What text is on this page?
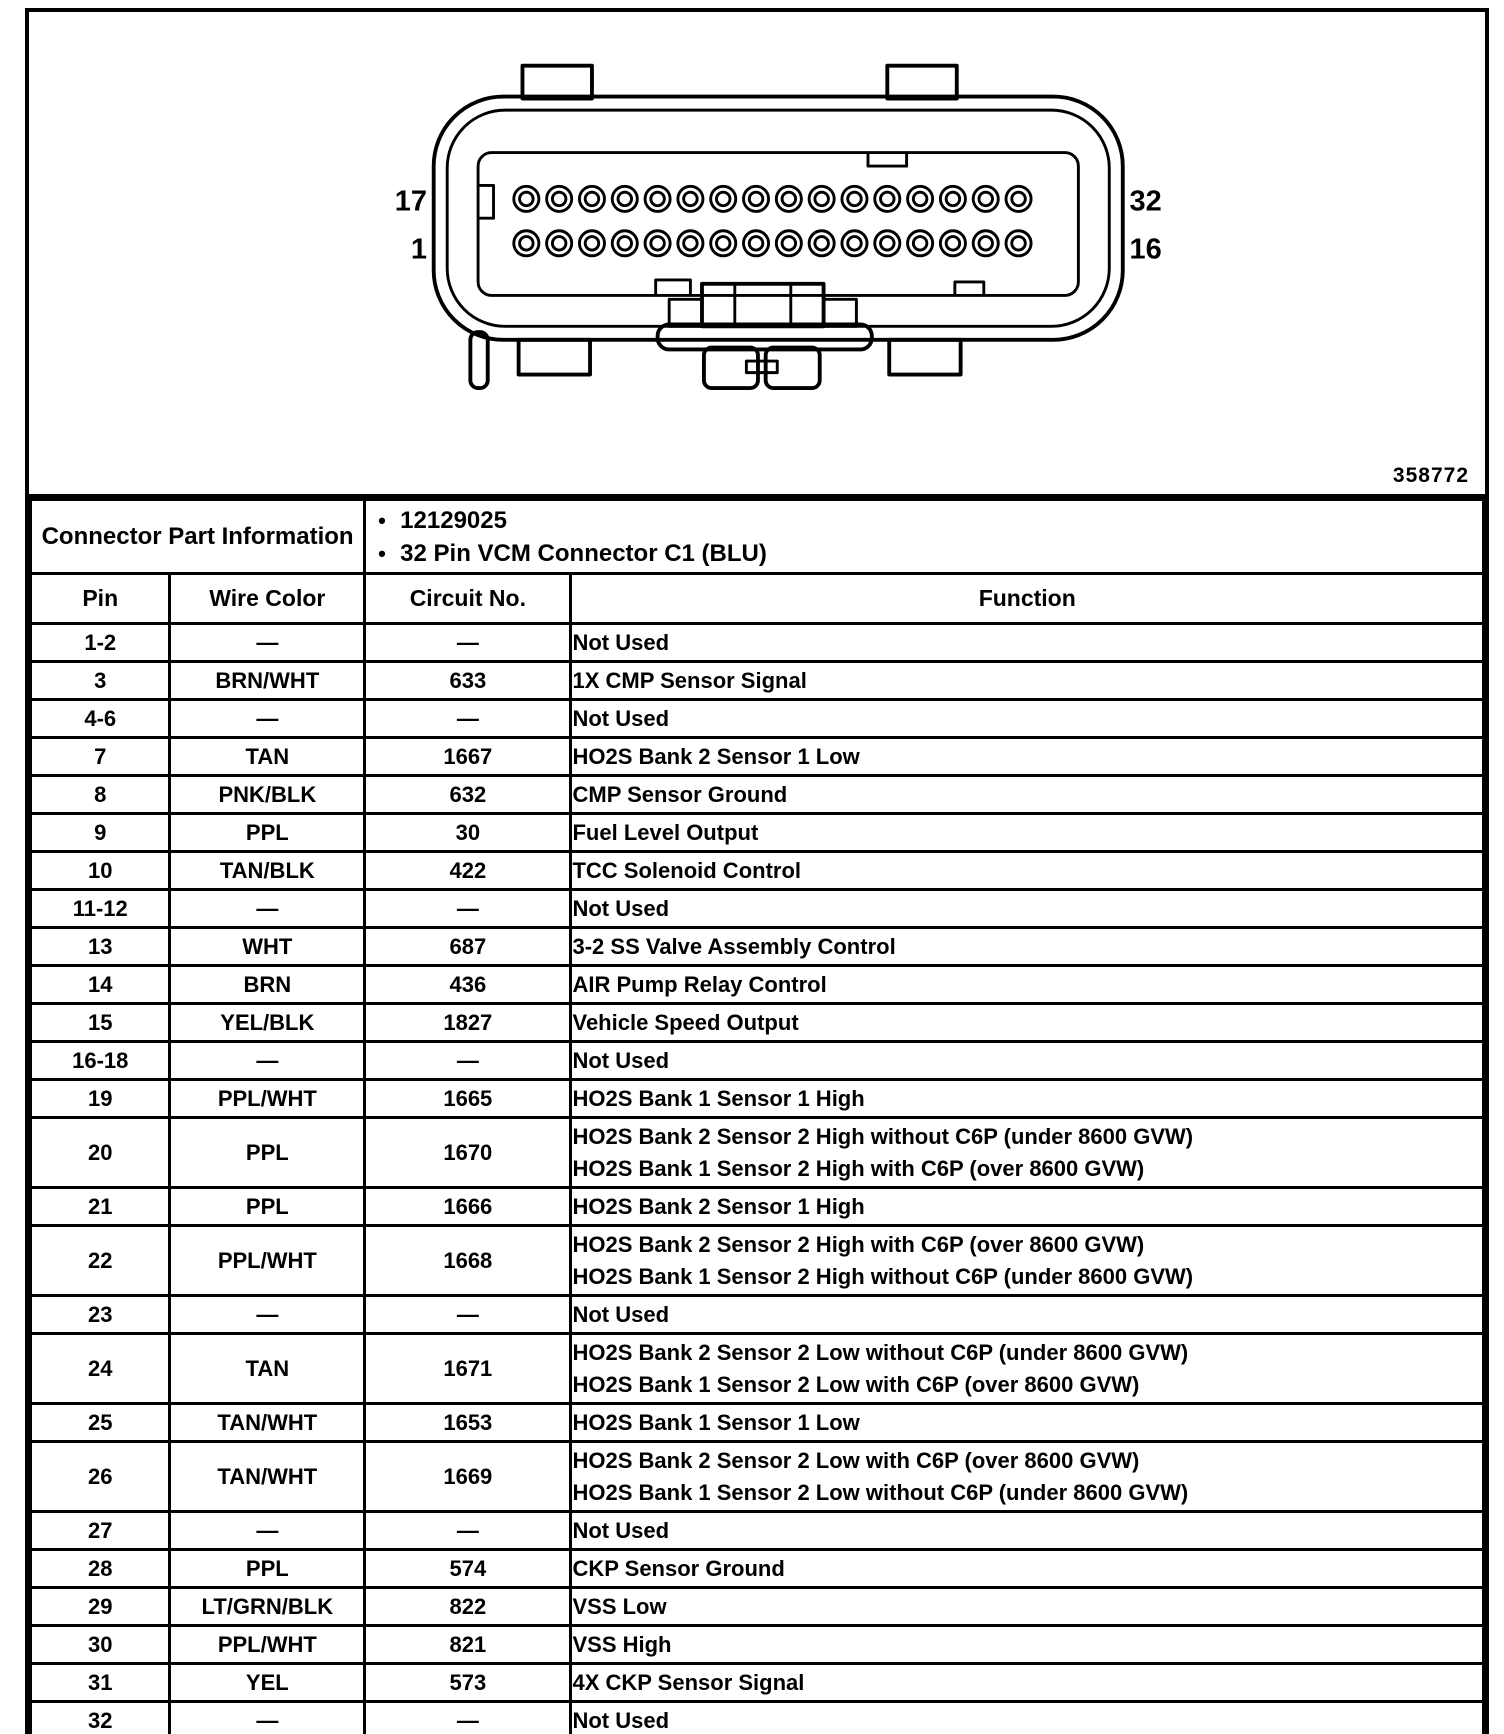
17
1
32
16
358772
Connector Part Information	
• 12129025
• 32 Pin VCM Connector C1 (BLU)

Pin	Wire Color	Circuit No.	Function
1-2	—	—	Not Used

3	BRN/WHT	633	1X CMP Sensor Signal

4-6	—	—	Not Used

7	TAN	1667	HO2S Bank 2 Sensor 1 Low

8	PNK/BLK	632	CMP Sensor Ground

9	PPL	30	Fuel Level Output

10	TAN/BLK	422	TCC Solenoid Control

11-12	—	—	Not Used

13	WHT	687	3-2 SS Valve Assembly Control

14	BRN	436	AIR Pump Relay Control

15	YEL/BLK	1827	Vehicle Speed Output

16-18	—	—	Not Used

19	PPL/WHT	1665	HO2S Bank 1 Sensor 1 High

20	PPL	1670	HO2S Bank 2 Sensor 2 High without C6P (under 8600 GVW)
HO2S Bank 1 Sensor 2 High with C6P (over 8600 GVW)

21	PPL	1666	HO2S Bank 2 Sensor 1 High

22	PPL/WHT	1668	HO2S Bank 2 Sensor 2 High with C6P (over 8600 GVW)
HO2S Bank 1 Sensor 2 High without C6P (under 8600 GVW)

23	—	—	Not Used

24	TAN	1671	HO2S Bank 2 Sensor 2 Low without C6P (under 8600 GVW)
HO2S Bank 1 Sensor 2 Low with C6P (over 8600 GVW)

25	TAN/WHT	1653	HO2S Bank 1 Sensor 1 Low

26	TAN/WHT	1669	HO2S Bank 2 Sensor 2 Low with C6P (over 8600 GVW)
HO2S Bank 1 Sensor 2 Low without C6P (under 8600 GVW)

27	—	—	Not Used

28	PPL	574	CKP Sensor Ground

29	LT/GRN/BLK	822	VSS Low

30	PPL/WHT	821	VSS High

31	YEL	573	4X CKP Sensor Signal

32	—	—	Not Used
